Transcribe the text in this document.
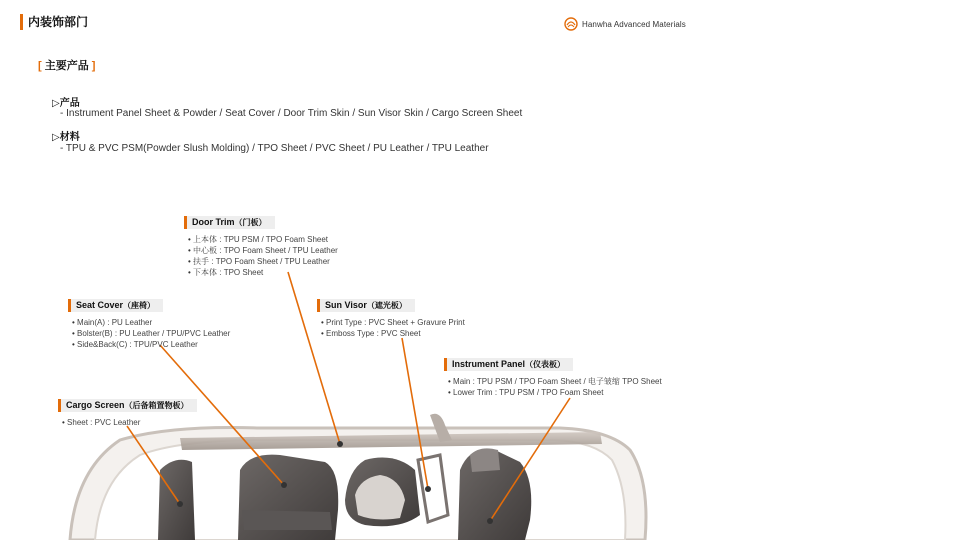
内装饰部门	Hanwha Advanced Materials
[ 主要产品 ]
▷产品
- Instrument Panel Sheet & Powder / Seat Cover / Door Trim Skin / Sun Visor Skin / Cargo Screen Sheet
▷材料
- TPU & PVC PSM(Powder Slush Molding) / TPO Sheet / PVC Sheet / PU Leather / TPU Leather
Door Trim（门板）
• 上本体 : TPU PSM / TPO Foam Sheet
• 中心板 : TPO Foam Sheet / TPU Leather
• 扶手 : TPO Foam Sheet / TPU Leather
• 下本体 : TPO Sheet
Seat Cover（座椅）
• Main(A) : PU Leather
• Bolster(B) : PU Leather / TPU/PVC Leather
• Side&Back(C) : TPU/PVC Leather
Sun Visor（遮光板）
• Print Type : PVC Sheet + Gravure Print
• Emboss Type : PVC Sheet
Instrument Panel（仪表板）
• Main : TPU PSM / TPO Foam Sheet / 电子皱缩 TPO Sheet
• Lower Trim : TPU PSM / TPO Foam Sheet
Cargo Screen（后备箱置物板）
• Sheet : PVC Leather
